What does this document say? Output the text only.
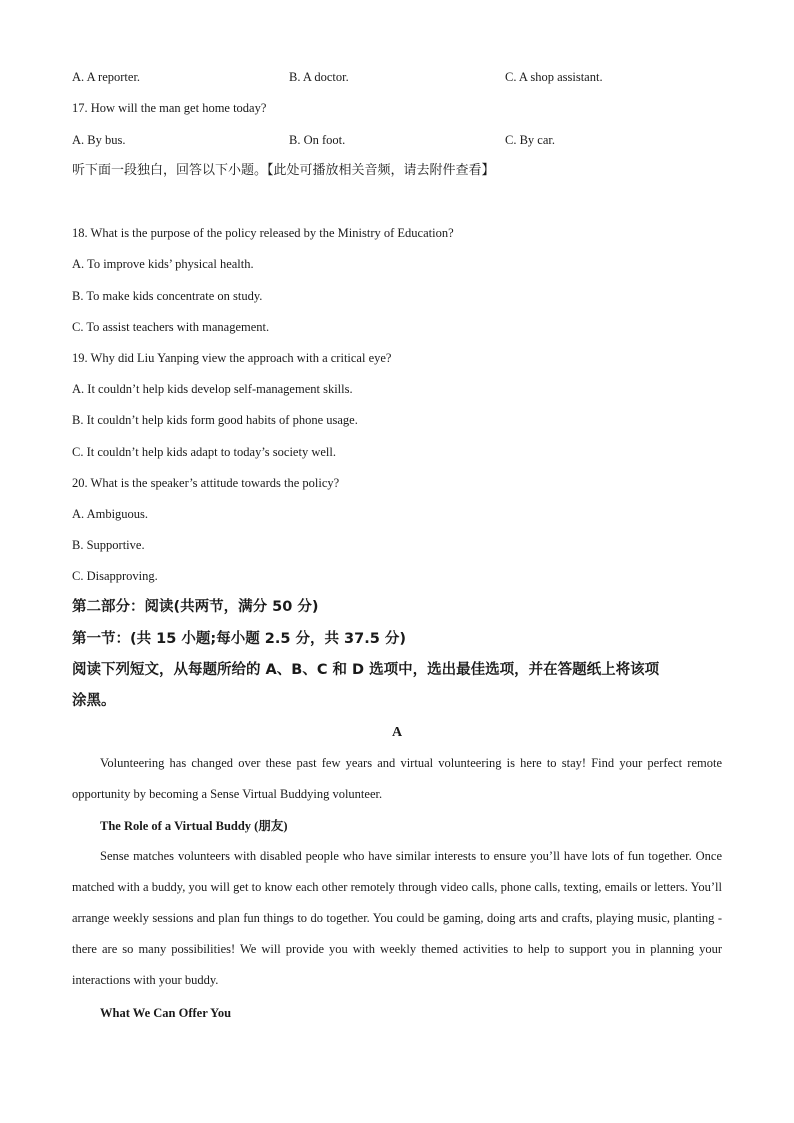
A. A reporter.	B. A doctor.	C. A shop assistant.
17. How will the man get home today?
A. By bus.	B. On foot.	C. By car.
听下面一段独白，回答以下小题。【此处可播放相关音频，请去附件查看】
18. What is the purpose of the policy released by the Ministry of Education?
A. To improve kids’ physical health.
B. To make kids concentrate on study.
C. To assist teachers with management.
19. Why did Liu Yanping view the approach with a critical eye?
A. It couldn’t help kids develop self-management skills.
B. It couldn’t help kids form good habits of phone usage.
C. It couldn’t help kids adapt to today’s society well.
20. What is the speaker’s attitude towards the policy?
A. Ambiguous.
B. Supportive.
C. Disapproving.
第二部分：阅读(共两节，满分 50 分)
第一节：(共 15 小题;每小题 2.5 分，共 37.5 分)
阅读下列短文，从每题所给的 A、B、C 和 D 选项中，选出最佳选项，并在答题纸上将该项
涂黑。
A
Volunteering has changed over these past few years and virtual volunteering is here to stay! Find your perfect remote opportunity by becoming a Sense Virtual Buddying volunteer.
The Role of a Virtual Buddy (朋友)
Sense matches volunteers with disabled people who have similar interests to ensure you’ll have lots of fun together. Once matched with a buddy, you will get to know each other remotely through video calls, phone calls, texting, emails or letters. You’ll arrange weekly sessions and plan fun things to do together. You could be gaming, doing arts and crafts, playing music, planting - there are so many possibilities! We will provide you with weekly themed activities to help to support you in planning your interactions with your buddy.
What We Can Offer You
